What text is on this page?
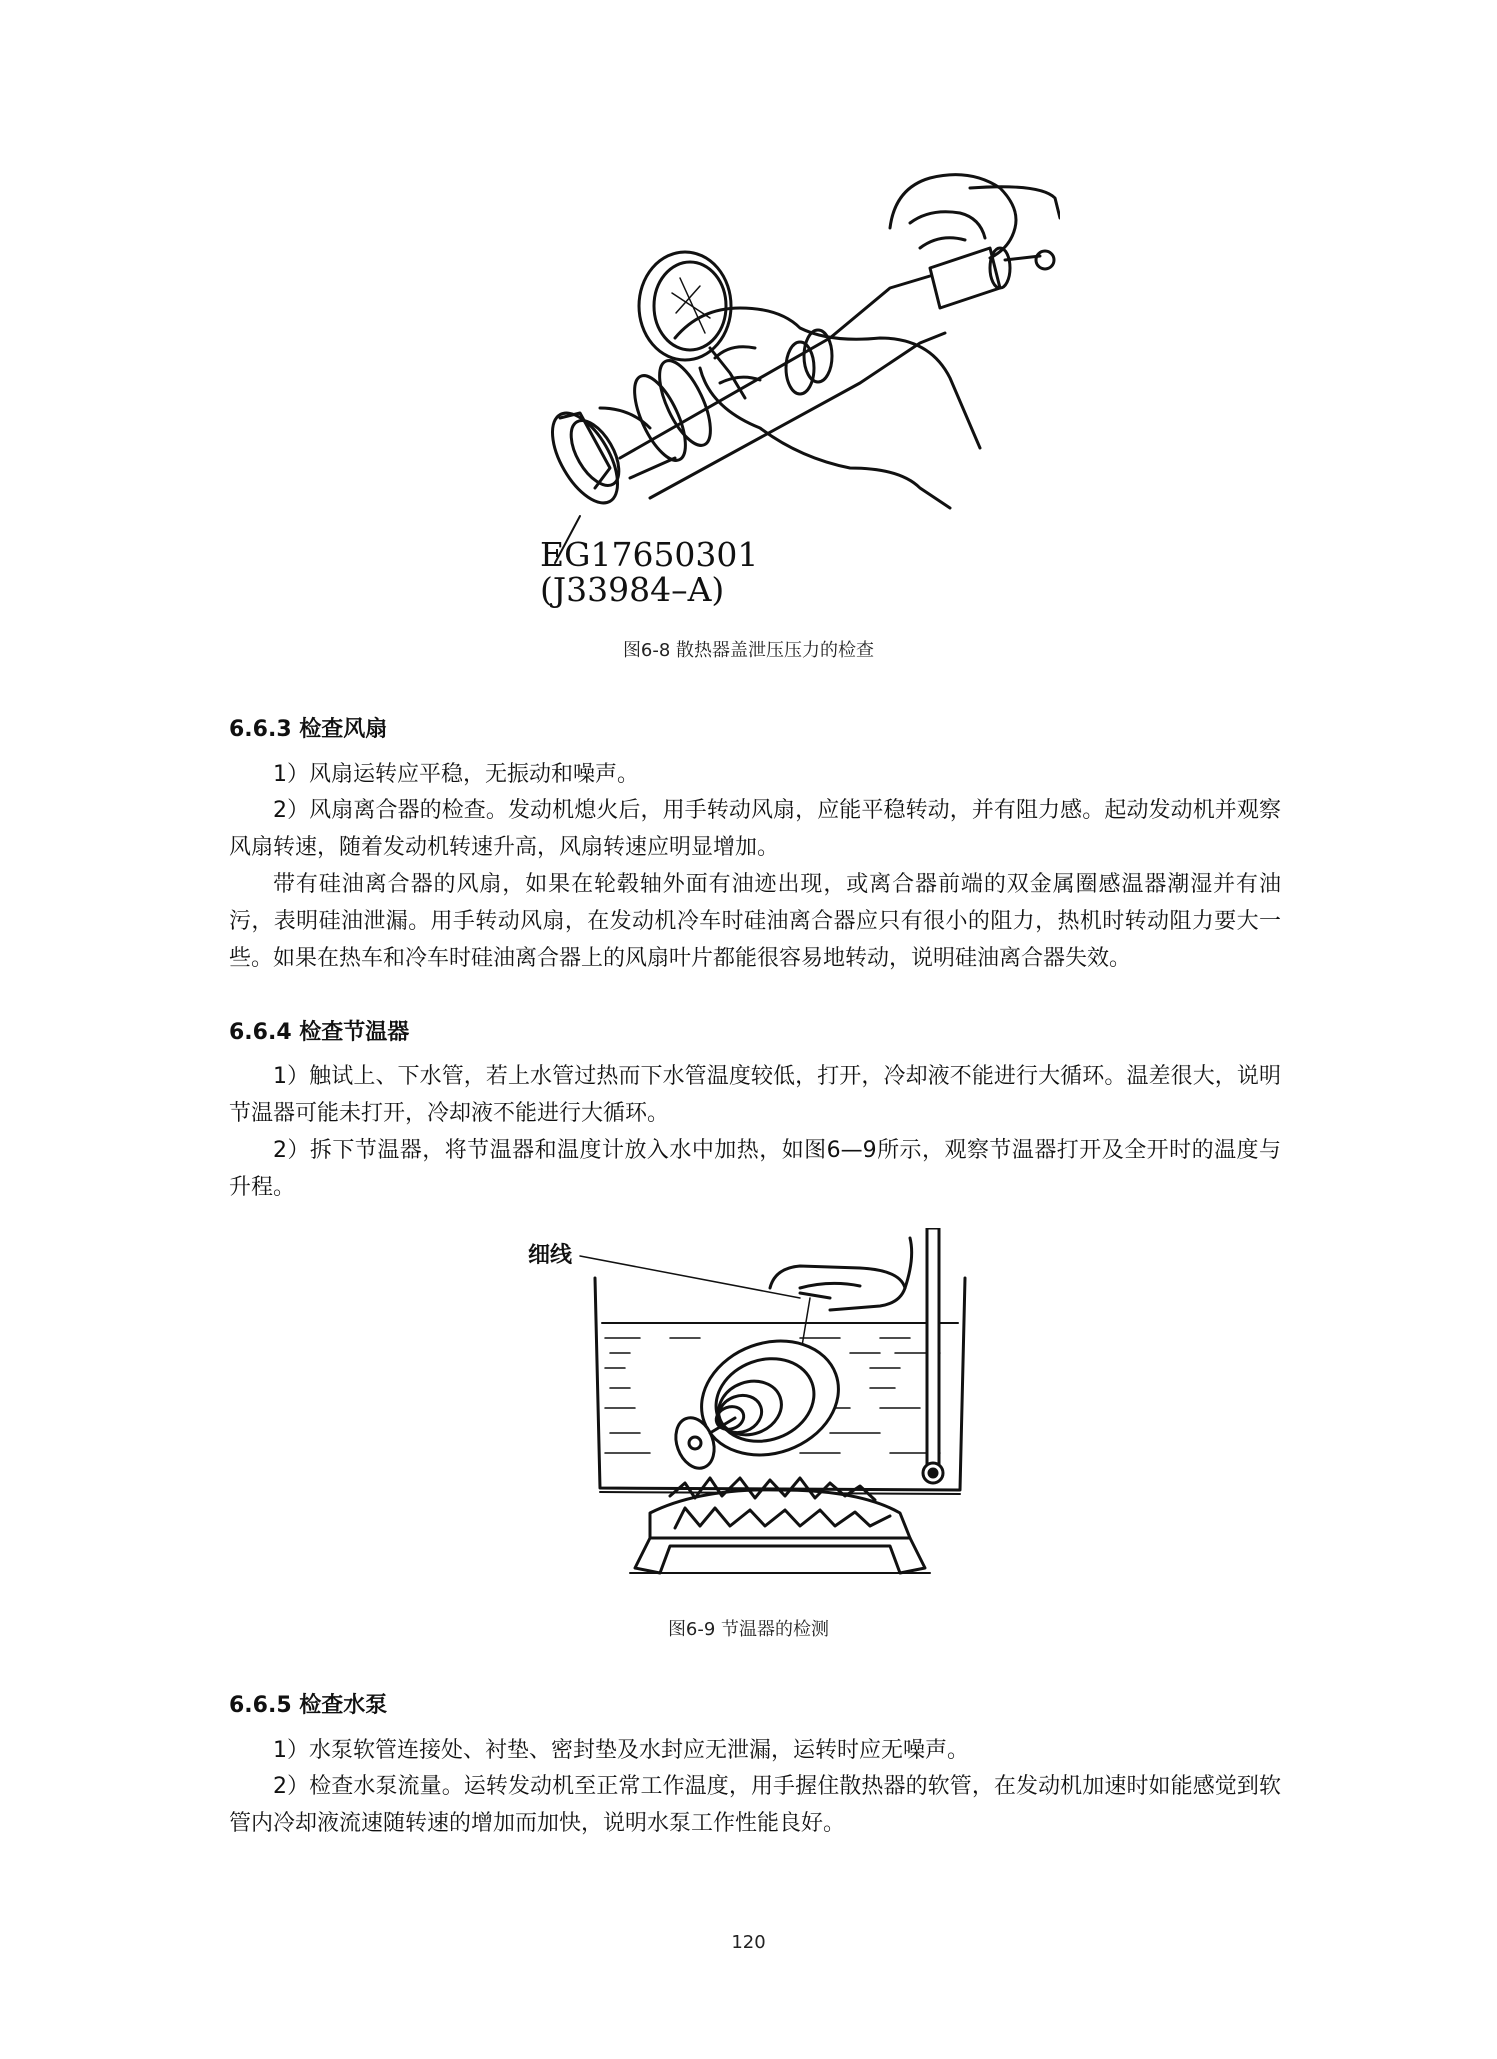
EG17650301
(J33984–A)
图6-8 散热器盖泄压压力的检查
6.6.3 检查风扇
1）风扇运转应平稳，无振动和噪声。
2）风扇离合器的检查。发动机熄火后，用手转动风扇，应能平稳转动，并有阻力感。起动发动机并观察风扇转速，随着发动机转速升高，风扇转速应明显增加。
带有硅油离合器的风扇，如果在轮毂轴外面有油迹出现，或离合器前端的双金属圈感温器潮湿并有油污，表明硅油泄漏。用手转动风扇，在发动机冷车时硅油离合器应只有很小的阻力，热机时转动阻力要大一些。如果在热车和冷车时硅油离合器上的风扇叶片都能很容易地转动，说明硅油离合器失效。
6.6.4 检查节温器
1）触试上、下水管，若上水管过热而下水管温度较低，打开，冷却液不能进行大循环。温差很大，说明节温器可能未打开，冷却液不能进行大循环。
2）拆下节温器，将节温器和温度计放入水中加热，如图6—9所示，观察节温器打开及全开时的温度与升程。
细线
图6-9 节温器的检测
6.6.5 检查水泵
1）水泵软管连接处、衬垫、密封垫及水封应无泄漏，运转时应无噪声。
2）检查水泵流量。运转发动机至正常工作温度，用手握住散热器的软管，在发动机加速时如能感觉到软管内冷却液流速随转速的增加而加快，说明水泵工作性能良好。
120
